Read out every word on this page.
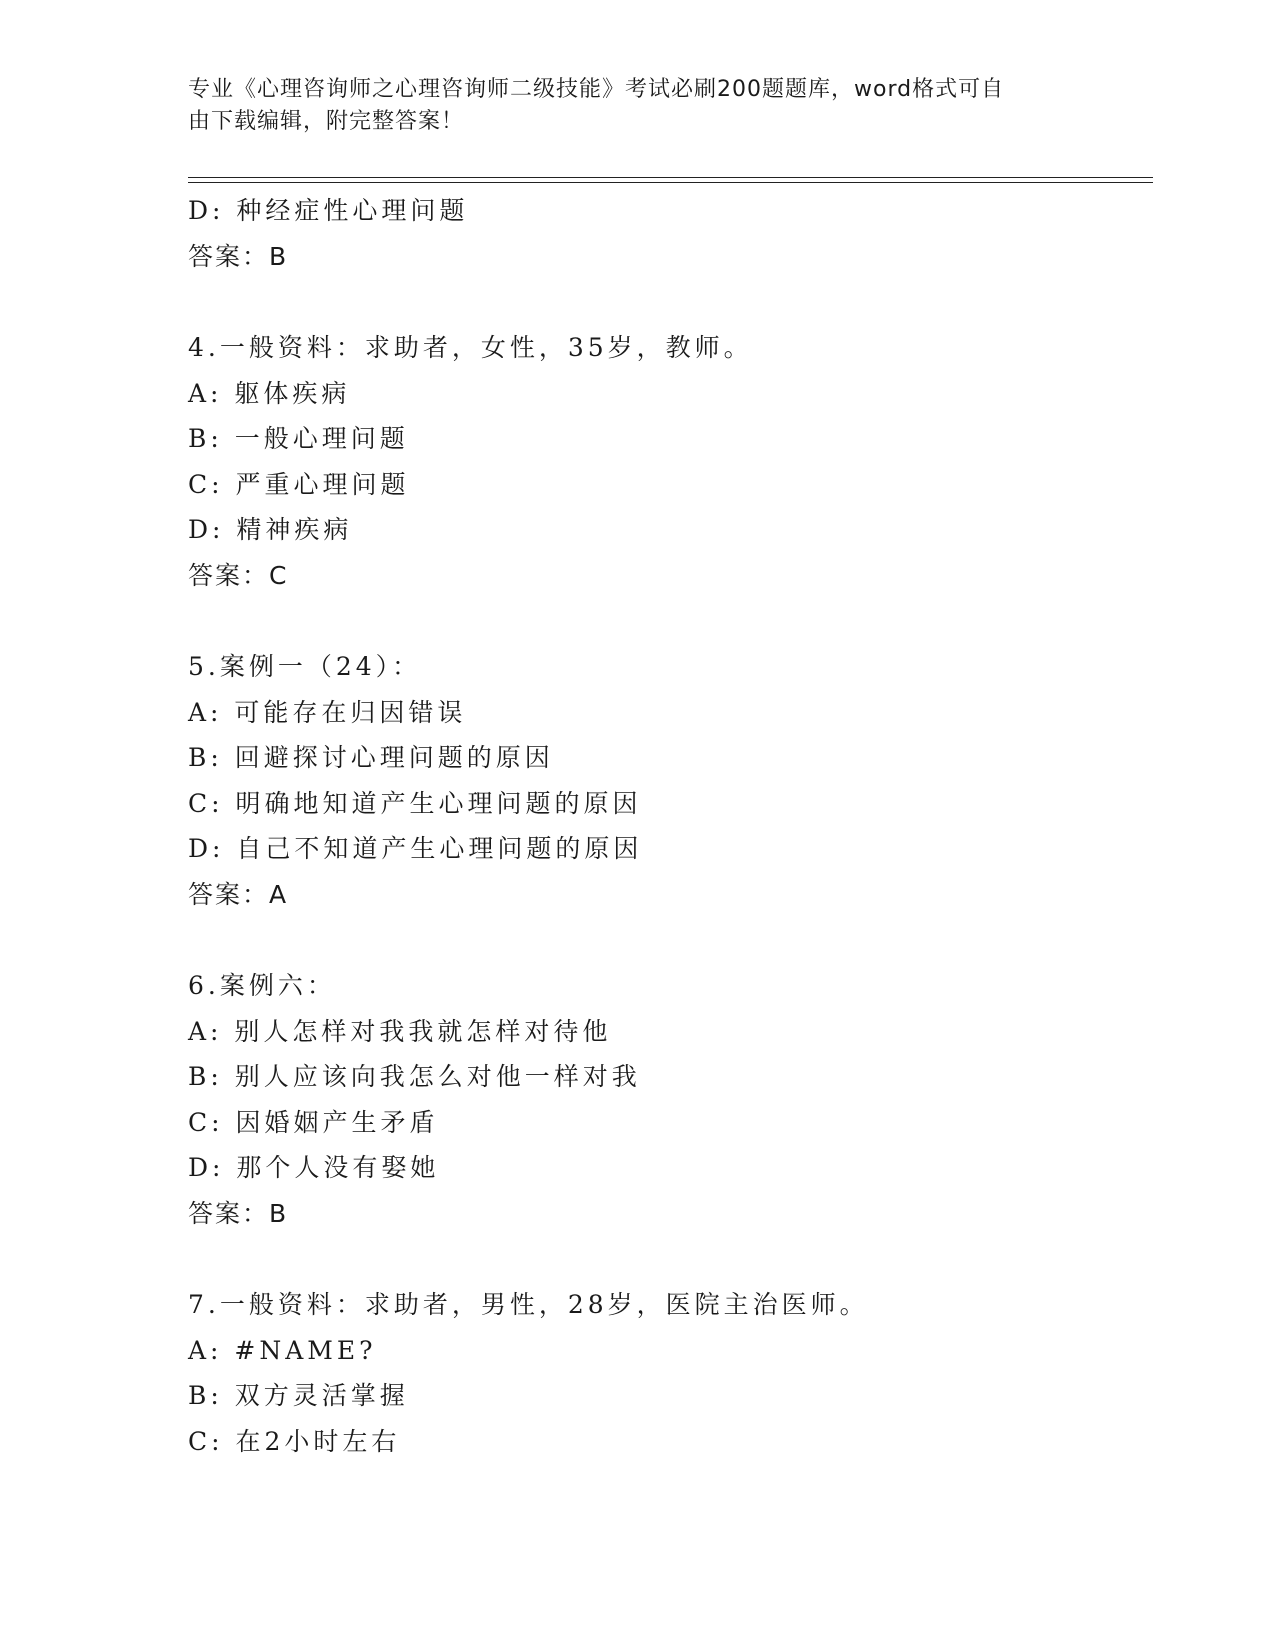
专业《心理咨询师之心理咨询师二级技能》考试必刷200题题库，word格式可自
由下载编辑，附完整答案！
D: 种经症性心理问题
答案：B
4.一般资料：求助者，女性，35岁，教师。
A: 躯体疾病
B: 一般心理问题
C: 严重心理问题
D: 精神疾病
答案：C
5.案例一（24）：
A: 可能存在归因错误
B: 回避探讨心理问题的原因
C: 明确地知道产生心理问题的原因
D: 自己不知道产生心理问题的原因
答案：A
6.案例六：
A: 别人怎样对我我就怎样对待他
B: 别人应该向我怎么对他一样对我
C: 因婚姻产生矛盾
D: 那个人没有娶她
答案：B
7.一般资料：求助者，男性，28岁，医院主治医师。
A: #NAME?
B: 双方灵活掌握
C: 在2小时左右
